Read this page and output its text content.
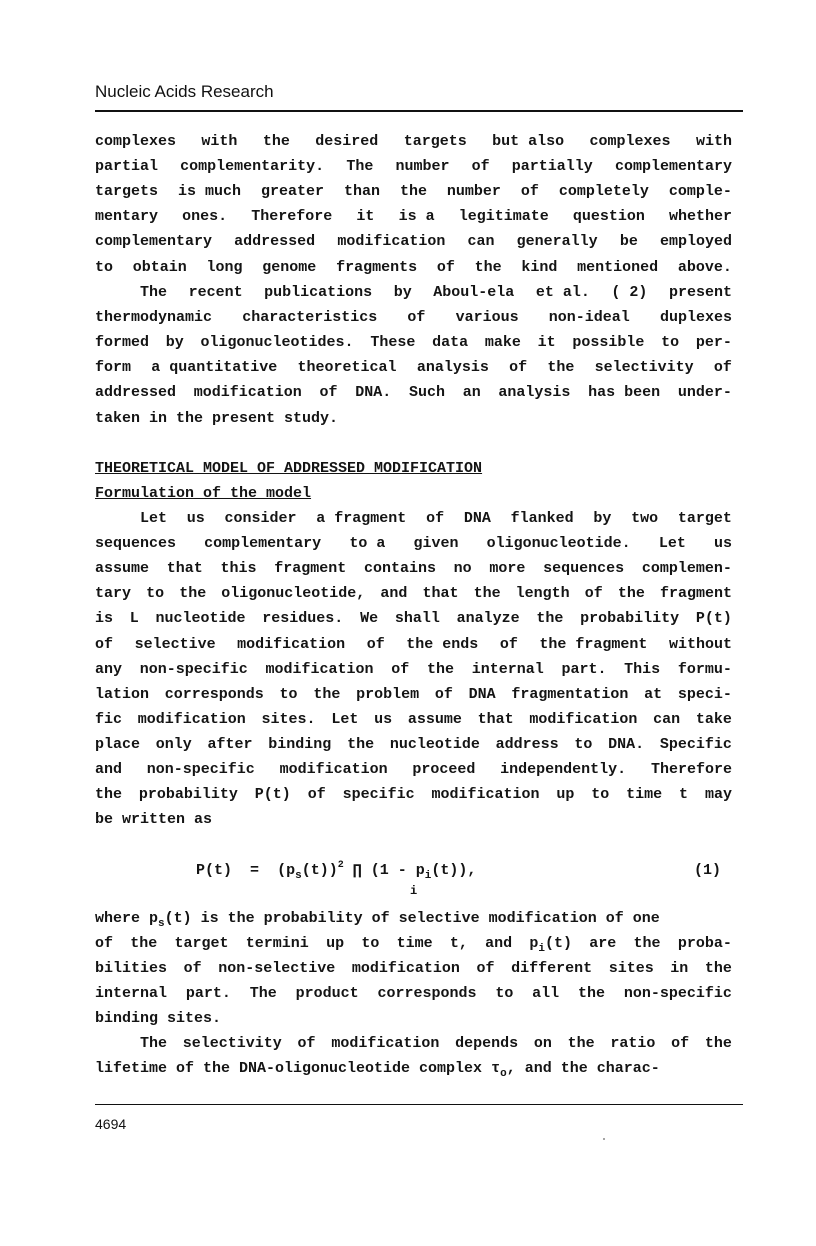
Nucleic Acids Research
complexes with the desired targets but also complexes with
partial complementarity. The number of partially complementary
targets is much greater than the number of completely comple-
mentary ones. Therefore it is a legitimate question whether
complementary addressed modification can generally be employed
to obtain long genome fragments of the kind mentioned above.
The recent publications by Aboul-ela et al. ( 2) present
thermodynamic characteristics of various non-ideal duplexes
formed by oligonucleotides. These data make it possible to per-
form a quantitative theoretical analysis of the selectivity of
addressed modification of DNA. Such an analysis has been under-
taken in the present study.
THEORETICAL MODEL OF ADDRESSED MODIFICATION
Formulation of the model
Let us consider a fragment of DNA flanked by two target
sequences complementary to a given oligonucleotide. Let us
assume that this fragment contains no more sequences complemen-
tary to the oligonucleotide, and that the length of the fragment
is L nucleotide residues. We shall analyze the probability P(t)
of selective modification of the ends of the fragment without
any non-specific modification of the internal part. This formu-
lation corresponds to the problem of DNA fragmentation at speci-
fic modification sites. Let us assume that modification can take
place only after binding the nucleotide address to DNA. Specific
and non-specific modification proceed independently. Therefore
the probability P(t) of specific modification up to time t may
be written as
$P(t) = (p_s(t))^2$ ∏ $(1 - p_i(t))$,
i
(1)
where $p_s(t)$ is the probability of selective modification of one
of the target termini up to time t, and $p_i(t)$ are the proba-
bilities of non-selective modification of different sites in the
internal part. The product corresponds to all the non-specific
binding sites.
The selectivity of modification depends on the ratio of the
lifetime of the DNA-oligonucleotide complex $\tau_o$, and the charac-
4694
